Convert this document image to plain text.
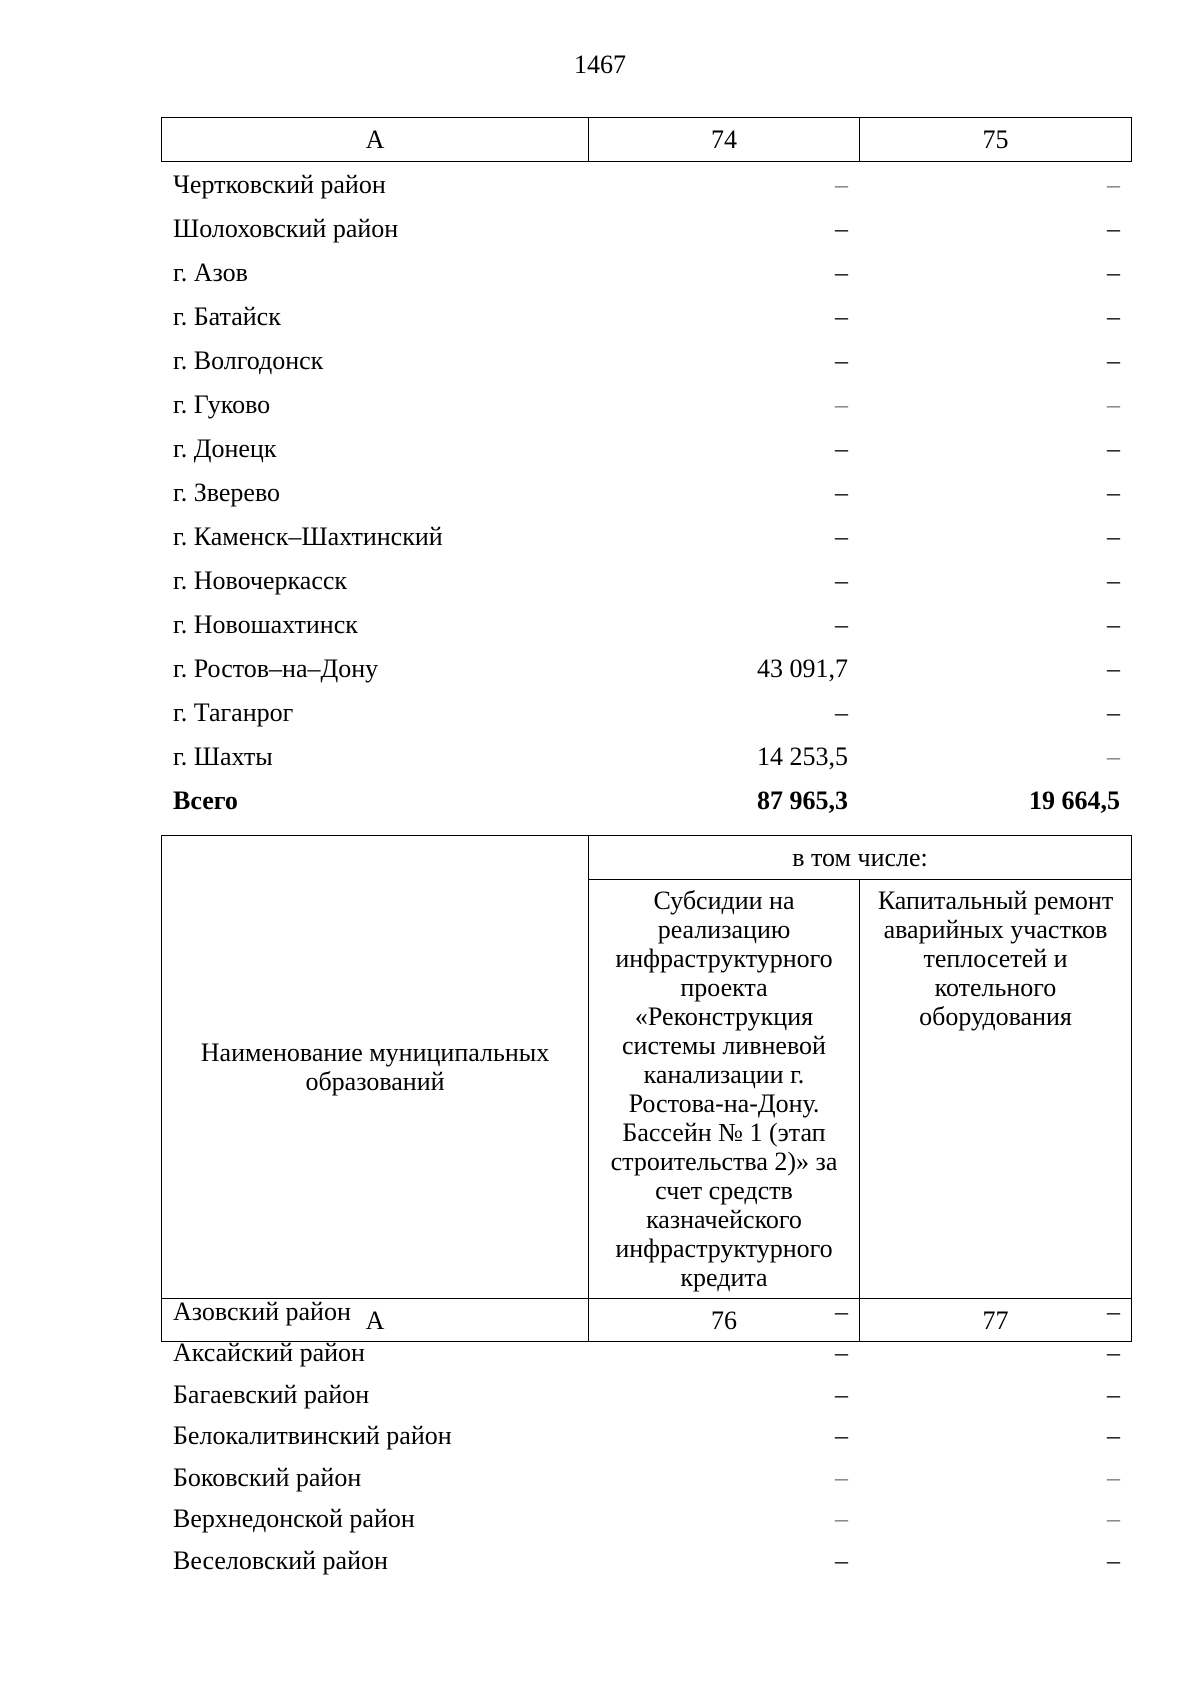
1467
А	74	75
Чертковский район	–	–
Шолоховский район	–	–
г. Азов	–	–
г. Батайск	–	–
г. Волгодонск	–	–
г. Гуково	–	–
г. Донецк	–	–
г. Зверево	–	–
г. Каменск–Шахтинский	–	–
г. Новочеркасск	–	–
г. Новошахтинск	–	–
г. Ростов–на–Дону	43 091,7	–
г. Таганрог	–	–
г. Шахты	14 253,5	–
Всего	87 965,3	19 664,5
Наименование муниципальных образований	в том числе:	
	Субсидии на реализацию инфраструктурного проекта «Реконструкция системы ливневой канализации г. Ростова-на-Дону. Бассейн № 1 (этап строительства 2)» за счет средств казначейского инфраструктурного кредита	Капитальный ремонт аварийных участков теплосетей и котельного оборудования
А	76	77
Азовский район	–	–
Аксайский район	–	–
Багаевский район	–	–
Белокалитвинский район	–	–
Боковский район	–	–
Верхнедонской район	–	–
Веселовский район	–	–
